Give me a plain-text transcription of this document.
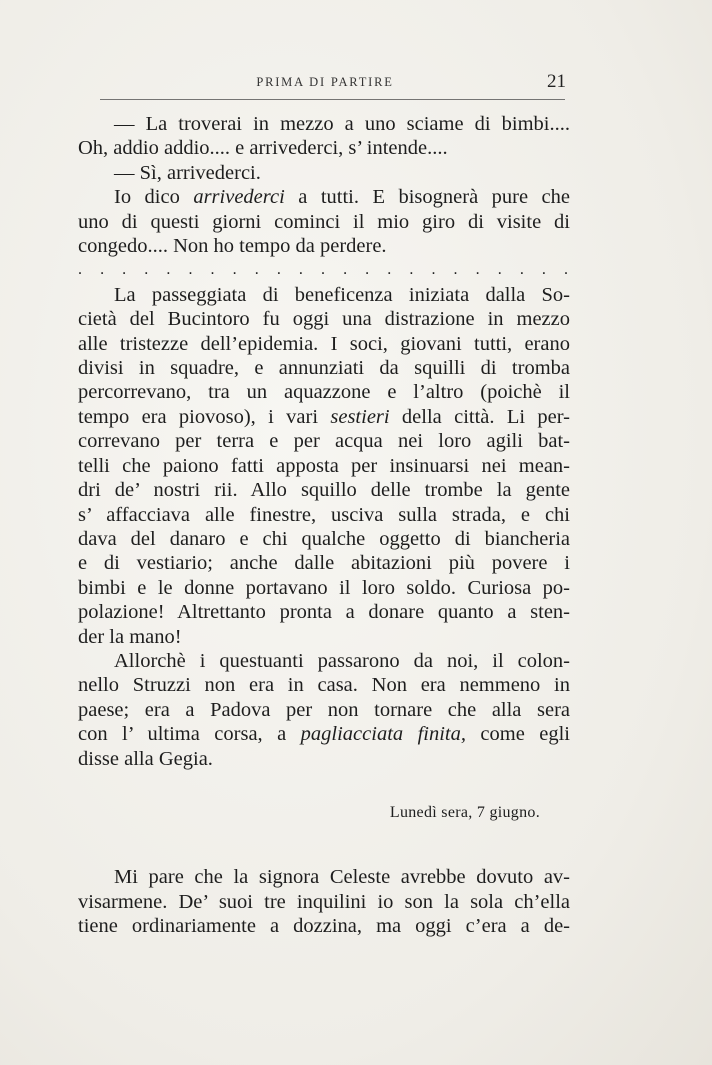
PRIMA DI PARTIRE	21

— La troverai in mezzo a uno sciame di bimbi....

Oh, addio addio.... e arrivederci, s’ intende....

— Sì, arrivederci.

Io dico arrivederci a tutti. E bisognerà pure che

uno di questi giorni cominci il mio giro di visite di

congedo.... Non ho tempo da perdere.

. . . . . . . . . . . . . . . . . . . . . . .

La passeggiata di beneficenza iniziata dalla So-

cietà del Bucintoro fu oggi una distrazione in mezzo

alle tristezze dell’epidemia. I soci, giovani tutti, erano

divisi in squadre, e annunziati da squilli di tromba

percorrevano, tra un aquazzone e l’altro (poichè il

tempo era piovoso), i vari sestieri della città. Li per-

correvano per terra e per acqua nei loro agili bat-

telli che paiono fatti apposta per insinuarsi nei mean-

dri de’ nostri rii. Allo squillo delle trombe la gente

s’ affacciava alle finestre, usciva sulla strada, e chi

dava del danaro e chi qualche oggetto di biancheria

e di vestiario; anche dalle abitazioni più povere i

bimbi e le donne portavano il loro soldo. Curiosa po-

polazione! Altrettanto pronta a donare quanto a sten-

der la mano!

Allorchè i questuanti passarono da noi, il colon-

nello Struzzi non era in casa. Non era nemmeno in

paese; era a Padova per non tornare che alla sera

con l’ ultima corsa, a pagliacciata finita, come egli

disse alla Gegia.

Lunedì sera, 7 giugno.

Mi pare che la signora Celeste avrebbe dovuto av-

visarmene. De’ suoi tre inquilini io son la sola ch’ella

tiene ordinariamente a dozzina, ma oggi c’era a de-
